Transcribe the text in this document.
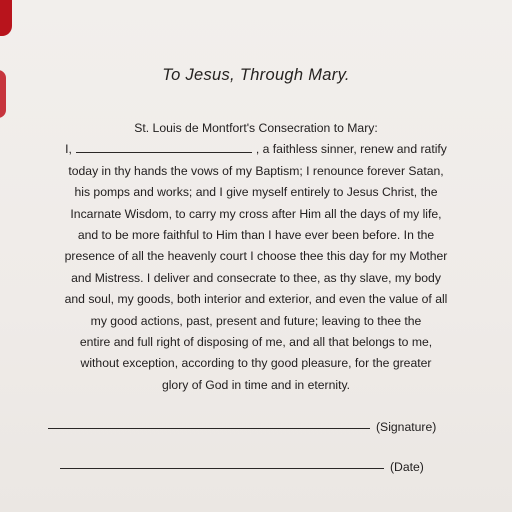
To Jesus, Through Mary.
St. Louis de Montfort's Consecration to Mary:
I,	, a faithless sinner, renew and ratify
today in thy hands the vows of my Baptism; I renounce forever Satan,
his pomps and works; and I give myself entirely to Jesus Christ, the
Incarnate Wisdom, to carry my cross after Him all the days of my life,
and to be more faithful to Him than I have ever been before. In the
presence of all the heavenly court I choose thee this day for my Mother
and Mistress. I deliver and consecrate to thee, as thy slave, my body
and soul, my goods, both interior and exterior, and even the value of all
my good actions, past, present and future; leaving to thee the
entire and full right of disposing of me, and all that belongs to me,
without exception, according to thy good pleasure, for the greater
glory of God in time and in eternity.
(Signature)
(Date)
